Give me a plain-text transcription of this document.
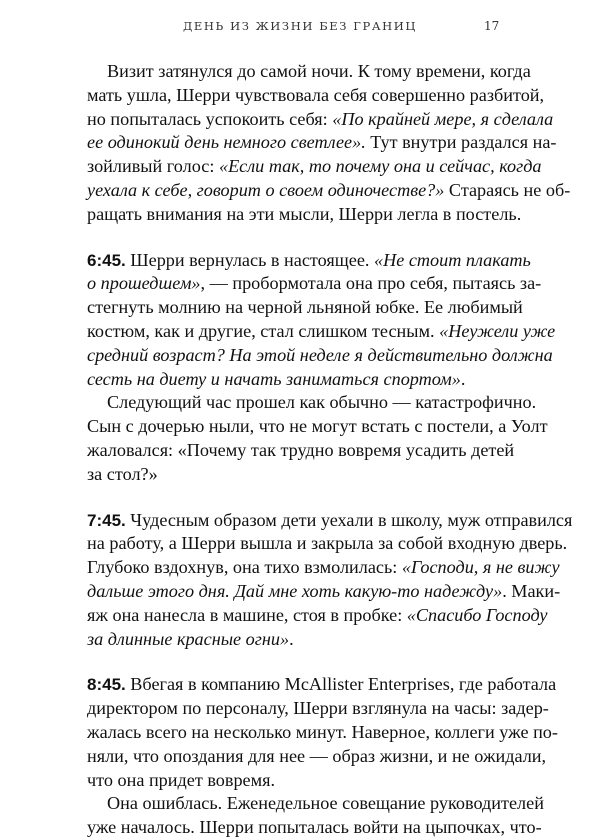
ДЕНЬ ИЗ ЖИЗНИ БЕЗ ГРАНИЦ	17
Визит затянулся до самой ночи. К тому времени, когда
мать ушла, Шерри чувствовала себя совершенно разбитой,
но попыталась успокоить себя: «По крайней мере, я сделала
ее одинокий день немного светлее». Тут внутри раздался на-
зойливый голос: «Если так, то почему она и сейчас, когда
уехала к себе, говорит о своем одиночестве?» Стараясь не об-
ращать внимания на эти мысли, Шерри легла в постель.
6:45. Шерри вернулась в настоящее. «Не стоит плакать
о прошедшем», — пробормотала она про себя, пытаясь за-
стегнуть молнию на черной льняной юбке. Ее любимый
костюм, как и другие, стал слишком тесным. «Неужели уже
средний возраст? На этой неделе я действительно должна
сесть на диету и начать заниматься спортом».
Следующий час прошел как обычно — катастрофично.
Сын с дочерью ныли, что не могут встать с постели, а Уолт
жаловался: «Почему так трудно вовремя усадить детей
за стол?»
7:45. Чудесным образом дети уехали в школу, муж отправился
на работу, а Шерри вышла и закрыла за собой входную дверь.
Глубоко вздохнув, она тихо взмолилась: «Господи, я не вижу
дальше этого дня. Дай мне хоть какую-то надежду». Маки-
яж она нанесла в машине, стоя в пробке: «Спасибо Господу
за длинные красные огни».
8:45. Вбегая в компанию McAllister Enterprises, где работала
директором по персоналу, Шерри взглянула на часы: задер-
жалась всего на несколько минут. Наверное, коллеги уже по-
няли, что опоздания для нее — образ жизни, и не ожидали,
что она придет вовремя.
Она ошиблась. Еженедельное совещание руководителей
уже началось. Шерри попыталась войти на цыпочках, что-
